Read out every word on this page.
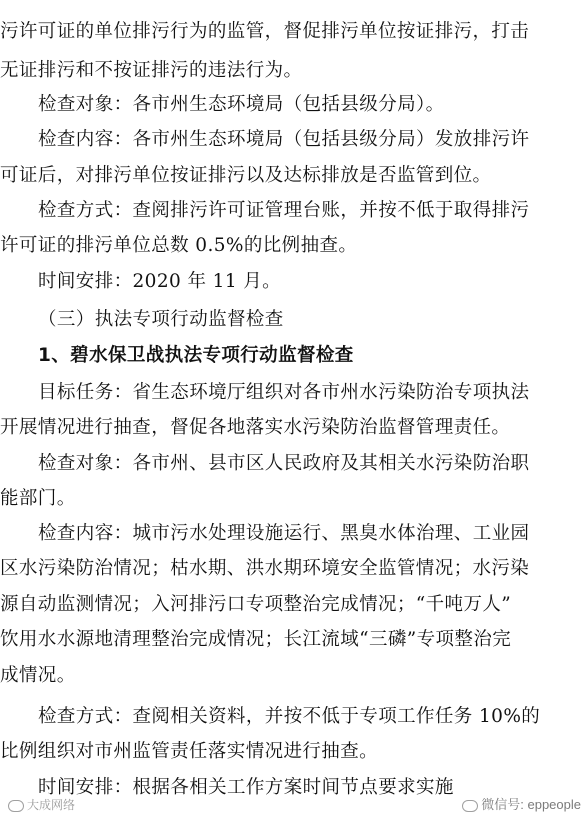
污许可证的单位排污行为的监管，督促排污单位按证排污，打击
无证排污和不按证排污的违法行为。
检查对象：各市州生态环境局（包括县级分局）。
检查内容：各市州生态环境局（包括县级分局）发放排污许
可证后，对排污单位按证排污以及达标排放是否监管到位。
检查方式：查阅排污许可证管理台账，并按不低于取得排污
许可证的排污单位总数 0.5%的比例抽查。
时间安排：2020 年 11 月。
（三）执法专项行动监督检查
1、碧水保卫战执法专项行动监督检查
目标任务：省生态环境厅组织对各市州水污染防治专项执法
开展情况进行抽查，督促各地落实水污染防治监督管理责任。
检查对象：各市州、县市区人民政府及其相关水污染防治职
能部门。
检查内容：城市污水处理设施运行、黑臭水体治理、工业园
区水污染防治情况；枯水期、洪水期环境安全监管情况；水污染
源自动监测情况；入河排污口专项整治完成情况；“千吨万人”
饮用水水源地清理整治完成情况；长江流域“三磷”专项整治完
成情况。
检查方式：查阅相关资料，并按不低于专项工作任务 10%的
比例组织对市州监管责任落实情况进行抽查。
时间安排：根据各相关工作方案时间节点要求实施
大成网络	微信号: eppeople
